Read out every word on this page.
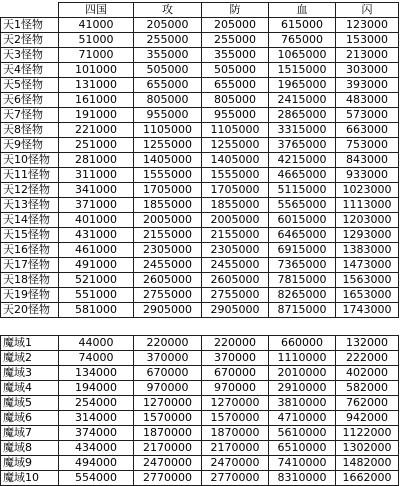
	四国	攻	防	血	闪
天1怪物	41000	205000	205000	615000	123000
天2怪物	51000	255000	255000	765000	153000
天3怪物	71000	355000	355000	1065000	213000
天4怪物	101000	505000	505000	1515000	303000
天5怪物	131000	655000	655000	1965000	393000
天6怪物	161000	805000	805000	2415000	483000
天7怪物	191000	955000	955000	2865000	573000
天8怪物	221000	1105000	1105000	3315000	663000
天9怪物	251000	1255000	1255000	3765000	753000
天10怪物	281000	1405000	1405000	4215000	843000
天11怪物	311000	1555000	1555000	4665000	933000
天12怪物	341000	1705000	1705000	5115000	1023000
天13怪物	371000	1855000	1855000	5565000	1113000
天14怪物	401000	2005000	2005000	6015000	1203000
天15怪物	431000	2155000	2155000	6465000	1293000
天16怪物	461000	2305000	2305000	6915000	1383000
天17怪物	491000	2455000	2455000	7365000	1473000
天18怪物	521000	2605000	2605000	7815000	1563000
天19怪物	551000	2755000	2755000	8265000	1653000
天20怪物	581000	2905000	2905000	8715000	1743000
魔域1	44000	220000	220000	660000	132000
魔域2	74000	370000	370000	1110000	222000
魔域3	134000	670000	670000	2010000	402000
魔域4	194000	970000	970000	2910000	582000
魔域5	254000	1270000	1270000	3810000	762000
魔域6	314000	1570000	1570000	4710000	942000
魔域7	374000	1870000	1870000	5610000	1122000
魔域8	434000	2170000	2170000	6510000	1302000
魔域9	494000	2470000	2470000	7410000	1482000
魔域10	554000	2770000	2770000	8310000	1662000
